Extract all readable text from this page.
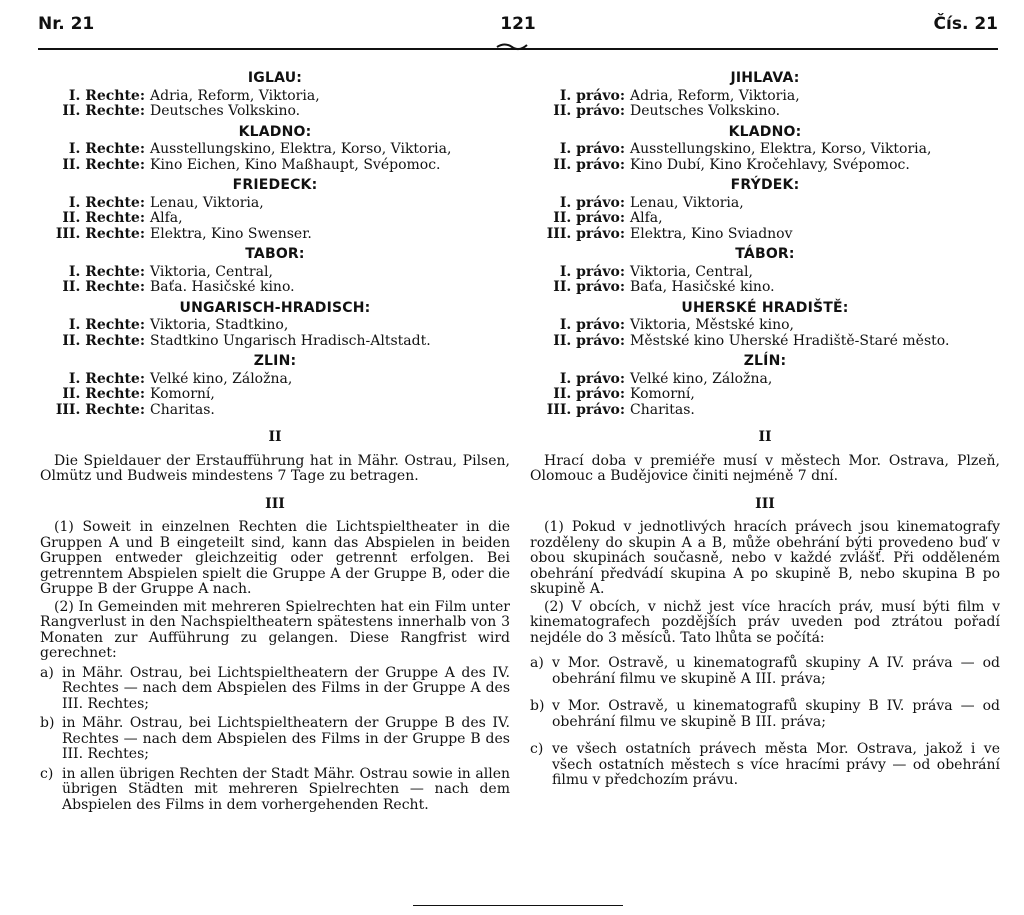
Nr. 21	121	Čís. 21
IGLAU:
I. Rechte: Adria, Reform, Viktoria,
II. Rechte: Deutsches Volkskino.
KLADNO:
I. Rechte: Ausstellungskino, Elektra, Korso, Viktoria,
II. Rechte: Kino Eichen, Kino Maßhaupt, Svépomoc.
FRIEDECK:
I. Rechte: Lenau, Viktoria,
II. Rechte: Alfa,
III. Rechte: Elektra, Kino Swenser.
TABOR:
I. Rechte: Viktoria, Central,
II. Rechte: Baťa. Hasičské kino.
UNGARISCH-HRADISCH:
I. Rechte: Viktoria, Stadtkino,
II. Rechte: Stadtkino Ungarisch Hradisch-Altstadt.
ZLIN:
I. Rechte: Velké kino, Záložna,
II. Rechte: Komorní,
III. Rechte: Charitas.
II
Die Spieldauer der Erstaufführung hat in Mähr. Ostrau, Pilsen, Olmütz und Budweis mindestens 7 Tage zu betragen.
III
(1) Soweit in einzelnen Rechten die Lichtspieltheater in die Gruppen A und B eingeteilt sind, kann das Abspielen in beiden Gruppen entweder gleichzeitig oder getrennt erfolgen. Bei getrenntem Abspielen spielt die Gruppe A der Gruppe B, oder die Gruppe B der Gruppe A nach.
(2) In Gemeinden mit mehreren Spielrechten hat ein Film unter Rangverlust in den Nachspieltheatern spätestens innerhalb von 3 Monaten zur Aufführung zu gelangen. Diese Rangfrist wird gerechnet:
a) in Mähr. Ostrau, bei Lichtspieltheatern der Gruppe A des IV. Rechtes — nach dem Abspielen des Films in der Gruppe A des III. Rechtes;
b) in Mähr. Ostrau, bei Lichtspieltheatern der Gruppe B des IV. Rechtes — nach dem Abspielen des Films in der Gruppe B des III. Rechtes;
c) in allen übrigen Rechten der Stadt Mähr. Ostrau sowie in allen übrigen Städten mit mehreren Spielrechten — nach dem Abspielen des Films in dem vorhergehenden Recht.
JIHLAVA:
I. právo: Adria, Reform, Viktoria,
II. právo: Deutsches Volkskino.
KLADNO:
I. právo: Ausstellungskino, Elektra, Korso, Viktoria,
II. právo: Kino Dubí, Kino Kročehlavy, Svépomoc.
FRÝDEK:
I. právo: Lenau, Viktoria,
II. právo: Alfa,
III. právo: Elektra, Kino Sviadnov
TÁBOR:
I. právo: Viktoria, Central,
II. právo: Baťa, Hasičské kino.
UHERSKÉ HRADIŠTĚ:
I. právo: Viktoria, Městské kino,
II. právo: Městské kino Uherské Hradiště-Staré město.
ZLÍN:
I. právo: Velké kino, Záložna,
II. právo: Komorní,
III. právo: Charitas.
II
Hrací doba v premiéře musí v městech Mor. Ostrava, Plzeň, Olomouc a Budějovice činiti nejméně 7 dní.
III
(1) Pokud v jednotlivých hracích právech jsou kinematografy rozděleny do skupin A a B, může obehrání býti provedeno buď v obou skupinách současně, nebo v každé zvlášť. Při odděleném obehrání předvádí skupina A po skupině B, nebo skupina B po skupině A.
(2) V obcích, v nichž jest více hracích práv, musí býti film v kinematografech pozdějších práv uveden pod ztrátou pořadí nejdéle do 3 měsíců. Tato lhůta se počítá:
a) v Mor. Ostravě, u kinematografů skupiny A IV. práva — od obehrání filmu ve skupině A III. práva;
b) v Mor. Ostravě, u kinematografů skupiny B IV. práva — od obehrání filmu ve skupině B III. práva;
c) ve všech ostatních právech města Mor. Ostrava, jakož i ve všech ostatních městech s více hracími právy — od obehrání filmu v předchozím právu.
